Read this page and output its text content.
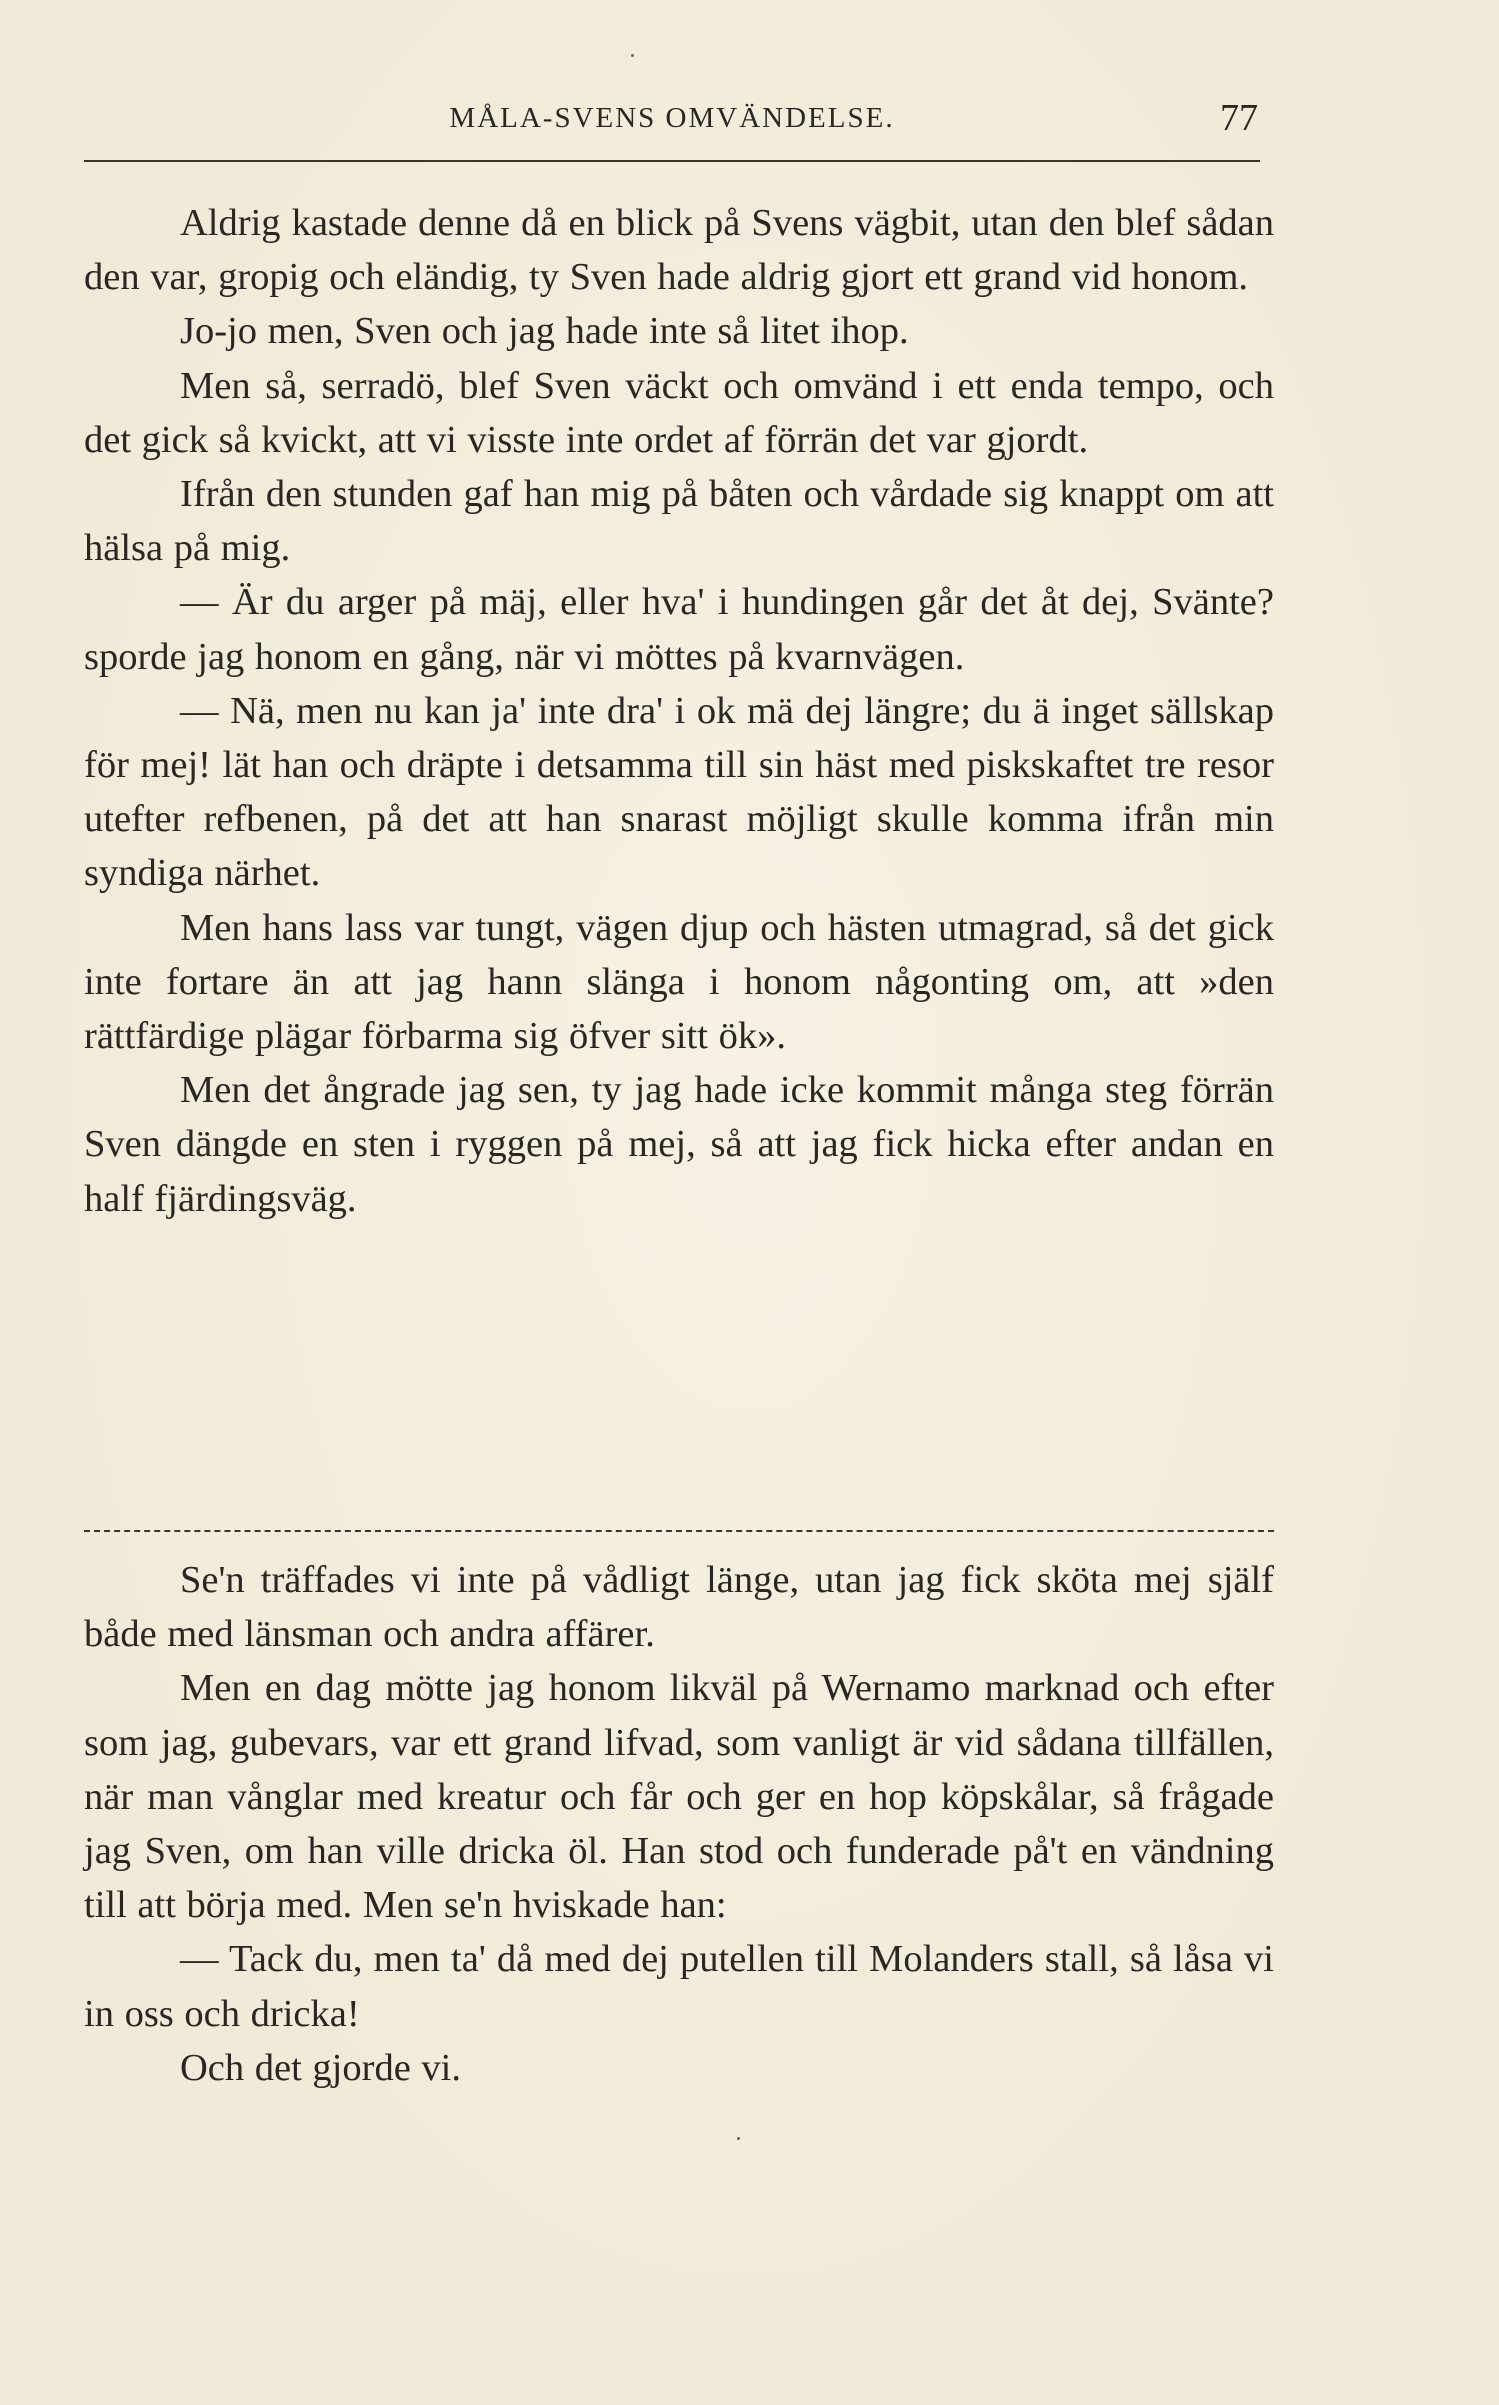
MÅLA-SVENS OMVÄNDELSE.	77

Aldrig kastade denne då en blick på Svens vägbit, utan den blef sådan den var, gropig och eländig, ty Sven hade aldrig gjort ett grand vid honom.

Jo-jo men, Sven och jag hade inte så litet ihop.

Men så, serradö, blef Sven väckt och omvänd i ett enda tempo, och det gick så kvickt, att vi visste inte ordet af förrän det var gjordt.

Ifrån den stunden gaf han mig på båten och vårdade sig knappt om att hälsa på mig.

— Är du arger på mäj, eller hva' i hundingen går det åt dej, Svänte? sporde jag honom en gång, när vi möttes på kvarnvägen.

— Nä, men nu kan ja' inte dra' i ok mä dej längre; du ä inget sällskap för mej! lät han och dräpte i detsamma till sin häst med piskskaftet tre resor utefter refbenen, på det att han snarast möjligt skulle komma ifrån min syndiga närhet.

Men hans lass var tungt, vägen djup och hästen utmagrad, så det gick inte fortare än att jag hann slänga i honom någonting om, att »den rättfärdige plägar förbarma sig öfver sitt ök».

Men det ångrade jag sen, ty jag hade icke kommit många steg förrän Sven dängde en sten i ryggen på mej, så att jag fick hicka efter andan en half fjärdingsväg.

Se'n träffades vi inte på vådligt länge, utan jag fick sköta mej själf både med länsman och andra affärer.

Men en dag mötte jag honom likväl på Wernamo marknad och efter som jag, gubevars, var ett grand lifvad, som vanligt är vid sådana tillfällen, när man vånglar med kreatur och får och ger en hop köpskålar, så frågade jag Sven, om han ville dricka öl. Han stod och funderade på't en vändning till att börja med. Men se'n hviskade han:

— Tack du, men ta' då med dej putellen till Molanders stall, så låsa vi in oss och dricka!

Och det gjorde vi.
